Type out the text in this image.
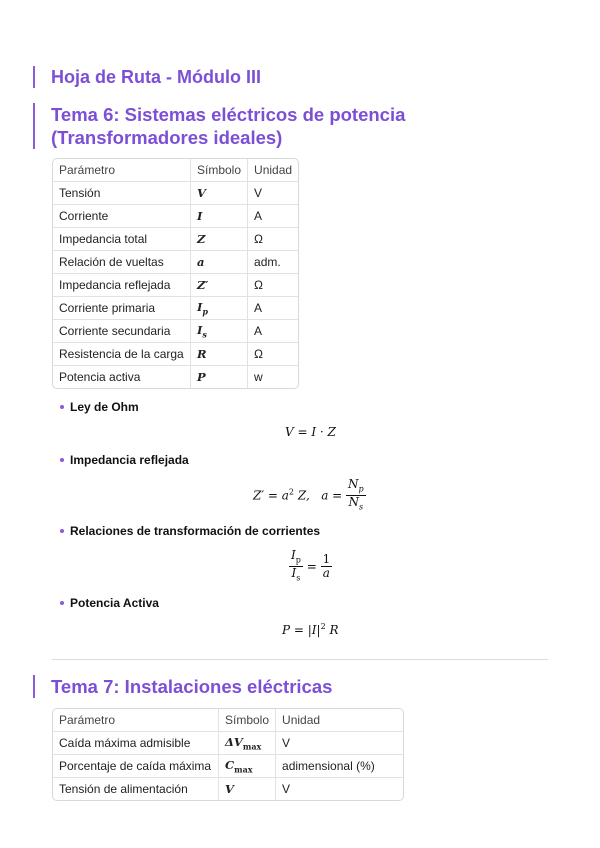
Hoja de Ruta - Módulo III
Tema 6: Sistemas eléctricos de potencia (Transformadores ideales)
Parámetro	Símbolo	Unidad
Tensión	V	V
Corriente	I	A
Impedancia total	Z	Ω
Relación de vueltas	a	adm.
Impedancia reflejada	Z′	Ω
Corriente primaria	$I_p$	A
Corriente secundaria	$I_s$	A
Resistencia de la carga	R	Ω
Potencia activa	P	w
Ley de Ohm
V = I · Z
Impedancia reflejada
$Z' = a^2$ Z,   $a = \frac{N_p}{N_s}$
Relaciones de transformación de corrientes
$\frac{I_p}{I_s} = \frac{1}{a}$
Potencia Activa
$P = |I|^2$ R
Tema 7: Instalaciones eléctricas
Parámetro	Símbolo	Unidad
Caída máxima admisible	$\Delta V_{max}$	V
Porcentaje de caída máxima	$C_{max}$	adimensional (%)
Tensión de alimentación	V	V
